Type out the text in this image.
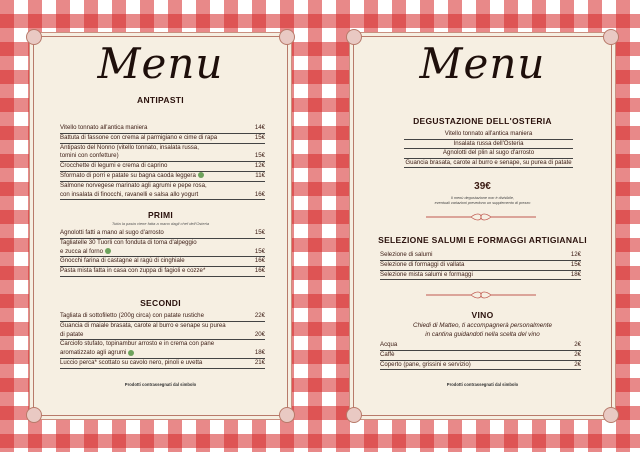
Menu
ANTIPASTI
Vitello tonnato all'antica maniera	14€
Battuta di fassone con crema al parmigiano e cime di rapa	15€
Antipasto del Nonno (vitello tonnato, insalata russa,
tomini con confetture)	15€
Crocchette di legumi e crema di caprino	12€
Sformato di porri e patate su bagna caoda leggera	11€
Salmone norvegese marinato agli agrumi e pepe rosa,
con insalata di finocchi, ravanelli e salsa allo yogurt	16€
PRIMI
Tutta la pasta viene fatta a mano dagli chef dell'Osteria
Agnolotti fatti a mano al sugo d'arrosto	15€
Tagliatelle 30 Tuorli con fonduta di toma d'alpeggio
e zucca al forno	15€
Gnocchi farina di castagne al ragù di cinghiale	16€
Pasta mista fatta in casa con zuppa di fagioli e cozze*	16€
SECONDI
Tagliata di sottofiletto (200g circa) con patate rustiche	22€
Guancia di maiale brasata, carote al burro e senape su purea
di patate	20€
Carciofo stufato, topinambur arrosto e in crema con pane
aromatizzato agli agrumi	18€
Luccio perca* scottato su cavolo nero, pinoli e uvetta	21€
Prodotti contrassegnati dal simbolo
Menu
DEGUSTAZIONE DELL'OSTERIA
Vitello tonnato all'antica maniera
Insalata russa dell'Osteria
Agnolotti del plin al sugo d'arrosto
Guancia brasata, carote al burro e senape, su purea di patate
39€
Il menù degustazione non è divisibile,
eventuali variazioni prevedono un supplemento di prezzo
SELEZIONE SALUMI E FORMAGGI ARTIGIANALI
Selezione di salumi	12€
Selezione di formaggi di vallata	15€
Selezione mista salumi e formaggi	18€
VINO
Chiedi di Matteo, ti accompagnerà personalmente
in cantina guidandoti nella scelta del vino
Acqua	2€
Caffè	2€
Coperto (pane, grissini e servizio)	2€
Prodotti contrassegnati dal simbolo
